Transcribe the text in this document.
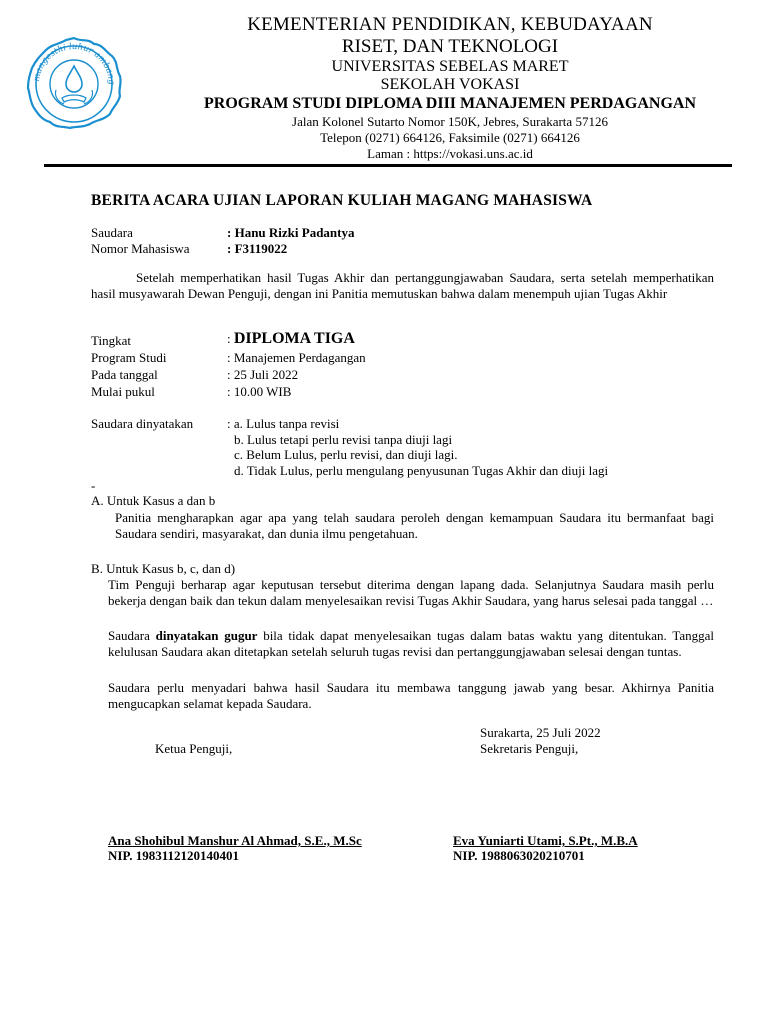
mangesthi luhur ambang
KEMENTERIAN PENDIDIKAN, KEBUDAYAAN
RISET, DAN TEKNOLOGI
UNIVERSITAS SEBELAS MARET
SEKOLAH VOKASI
PROGRAM STUDI DIPLOMA DIII MANAJEMEN PERDAGANGAN
Jalan Kolonel Sutarto Nomor 150K, Jebres, Surakarta 57126
Telepon (0271) 664126, Faksimile (0271) 664126
Laman : https://vokasi.uns.ac.id
BERITA ACARA UJIAN LAPORAN KULIAH MAGANG MAHASISWA
Saudara	: Hanu Rizki Padantya
Nomor Mahasiswa	: F3119022
Setelah memperhatikan hasil Tugas Akhir dan pertanggungjawaban Saudara, serta setelah memperhatikan hasil musyawarah Dewan Penguji, dengan ini Panitia memutuskan bahwa dalam menempuh ujian Tugas Akhir
Tingkat	: DIPLOMA TIGA
Program Studi	: Manajemen Perdagangan
Pada tanggal	: 25 Juli 2022
Mulai pukul	: 10.00 WIB
Saudara dinyatakan	: a. Lulus tanpa revisi
b. Lulus tetapi perlu revisi tanpa diuji lagi
c. Belum Lulus, perlu revisi, dan diuji lagi.
d. Tidak Lulus, perlu mengulang penyusunan Tugas Akhir dan diuji lagi
-
A. Untuk Kasus a dan b
Panitia mengharapkan agar apa yang telah saudara peroleh dengan kemampuan Saudara itu bermanfaat bagi Saudara sendiri, masyarakat, dan dunia ilmu pengetahuan.
B. Untuk Kasus b, c, dan d)
Tim Penguji berharap agar keputusan tersebut diterima dengan lapang dada. Selanjutnya Saudara masih perlu bekerja dengan baik dan tekun dalam menyelesaikan revisi Tugas Akhir Saudara, yang harus selesai pada tanggal …
Saudara dinyatakan gugur bila tidak dapat menyelesaikan tugas dalam batas waktu yang ditentukan. Tanggal kelulusan Saudara akan ditetapkan setelah seluruh tugas revisi dan pertanggungjawaban selesai dengan tuntas.
Saudara perlu menyadari bahwa hasil Saudara itu membawa tanggung jawab yang besar. Akhirnya Panitia mengucapkan selamat kepada Saudara.
Surakarta, 25 Juli 2022
Ketua Penguji,	Sekretaris Penguji,
Ana Shohibul Manshur Al Ahmad, S.E., M.Sc
NIP. 1983112120140401
Eva Yuniarti Utami, S.Pt., M.B.A
NIP. 1988063020210701
